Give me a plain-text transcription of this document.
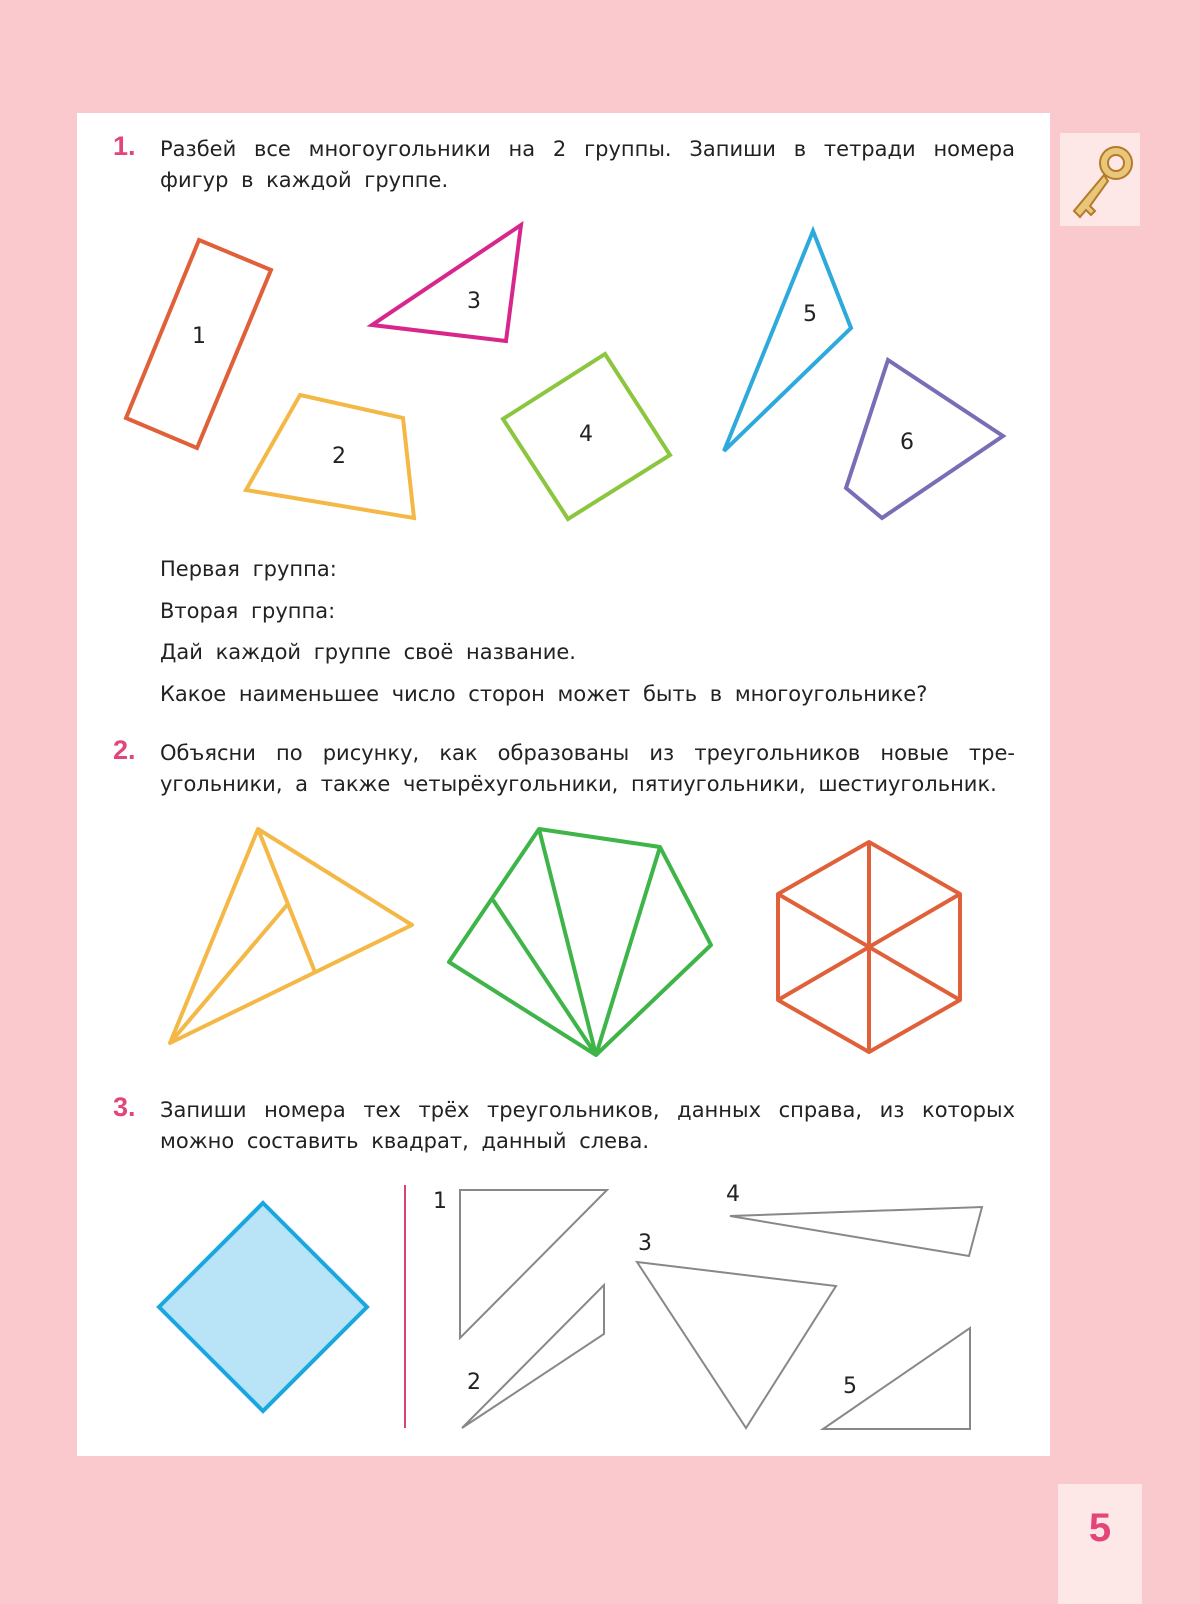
1. Разбей все многоугольники на 2 группы. Запиши в тетради номера фигур в каждой группе.

1
2
3
4
5
6

Первая группа:

Вторая группа:

Дай каждой группе своё название.

Какое наименьшее число сторон может быть в многоугольнике?

2. Объясни по рисунку, как образованы из треугольников новые тре-

угольники, а также четырёхугольники, пятиугольники, шестиугольник.

3. Запиши номера тех трёх треугольников, данных справа, из которых можно составить квадрат, данный слева.

1
2
3
4
5
5
